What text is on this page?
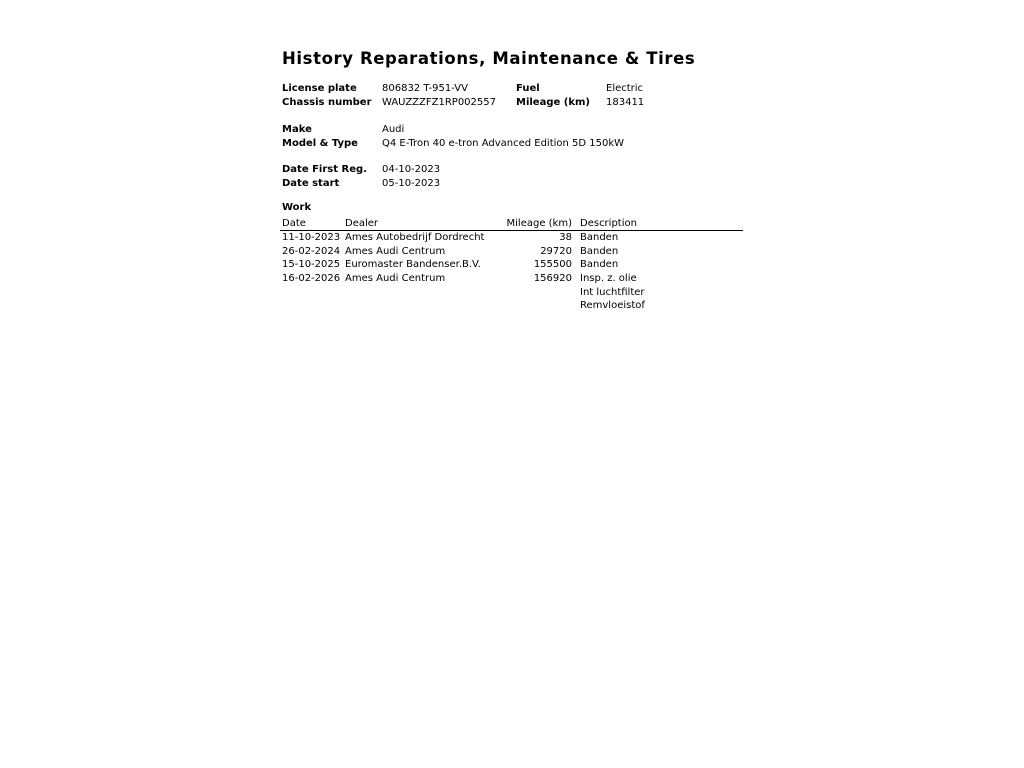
History Reparations, Maintenance & Tires
License plate	806832 T-951-VV	Fuel	Electric
Chassis number WAUZZZFZ1RP002557 Mileage (km) 183411
Make	Audi
Model & Type Q4 E-Tron 40 e-tron Advanced Edition 5D 150kW
Date First Reg. 04-10-2023
Date start	05-10-2023
Work
Date	Dealer	Mileage (km) Description
11-10-2023 Ames Autobedrijf Dordrecht	38 Banden
26-02-2024 Ames Audi Centrum	29720 Banden
15-10-2025 Euromaster Bandenser.B.V.	155500 Banden
16-02-2026 Ames Audi Centrum	156920 Insp. z. olie
Int luchtfilter
Remvloeistof
